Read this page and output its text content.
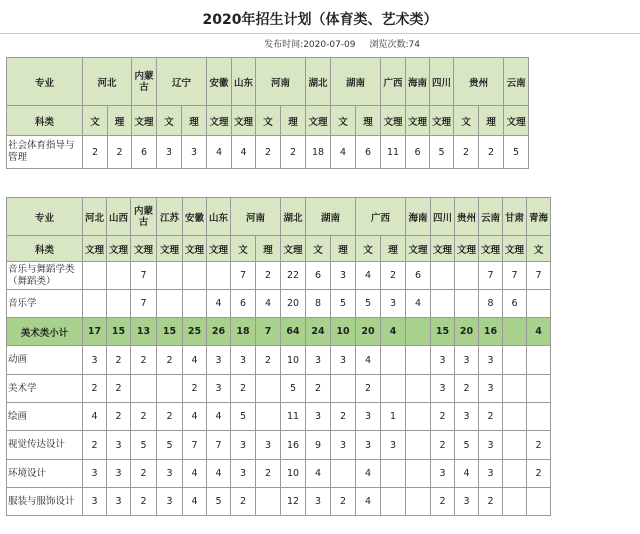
2020年招生计划（体育类、艺术类）
发布时间:2020-07-09 浏览次数:74
专业	河北		内蒙古	辽宁		安徽	山东	河南		湖北	湖南		广西	海南	四川	贵州		云南
科类	文	理	文理	文	理	文理	文理	文	理	文理	文	理	文理	文理	文理	文	理	文理
社会体育指导与管理	2	2	6	3	3	4	4	2	2	18	4	6	11	6	5	2	2	5
专业	河北	山西	内蒙古	江苏	安徽	山东	河南		湖北	湖南		广西		海南	四川	贵州	云南	甘肃	青海
科类	文理	文理	文理	文理	文理	文理	文	理	文理	文	理	文	理	文理	文理	文理	文理	文理	文
音乐与舞蹈学类（舞蹈类）			7				7	2	22	6	3	4	2	6			7	7	7
音乐学			7			4	6	4	20	8	5	5	3	4			8	6	
美术类小计	17	15	13	15	25	26	18	7	64	24	10	20	4		15	20	16		4
动画	3	2	2	2	4	3	3	2	10	3	3	4			3	3	3		
美术学	2	2			2	3	2		5	2		2			3	2	3		
绘画	4	2	2	2	4	4	5		11	3	2	3	1		2	3	2		
视觉传达设计	2	3	5	5	7	7	3	3	16	9	3	3	3		2	5	3		2
环境设计	3	3	2	3	4	4	3	2	10	4		4			3	4	3		2
服装与服饰设计	3	3	2	3	4	5	2		12	3	2	4			2	3	2		
